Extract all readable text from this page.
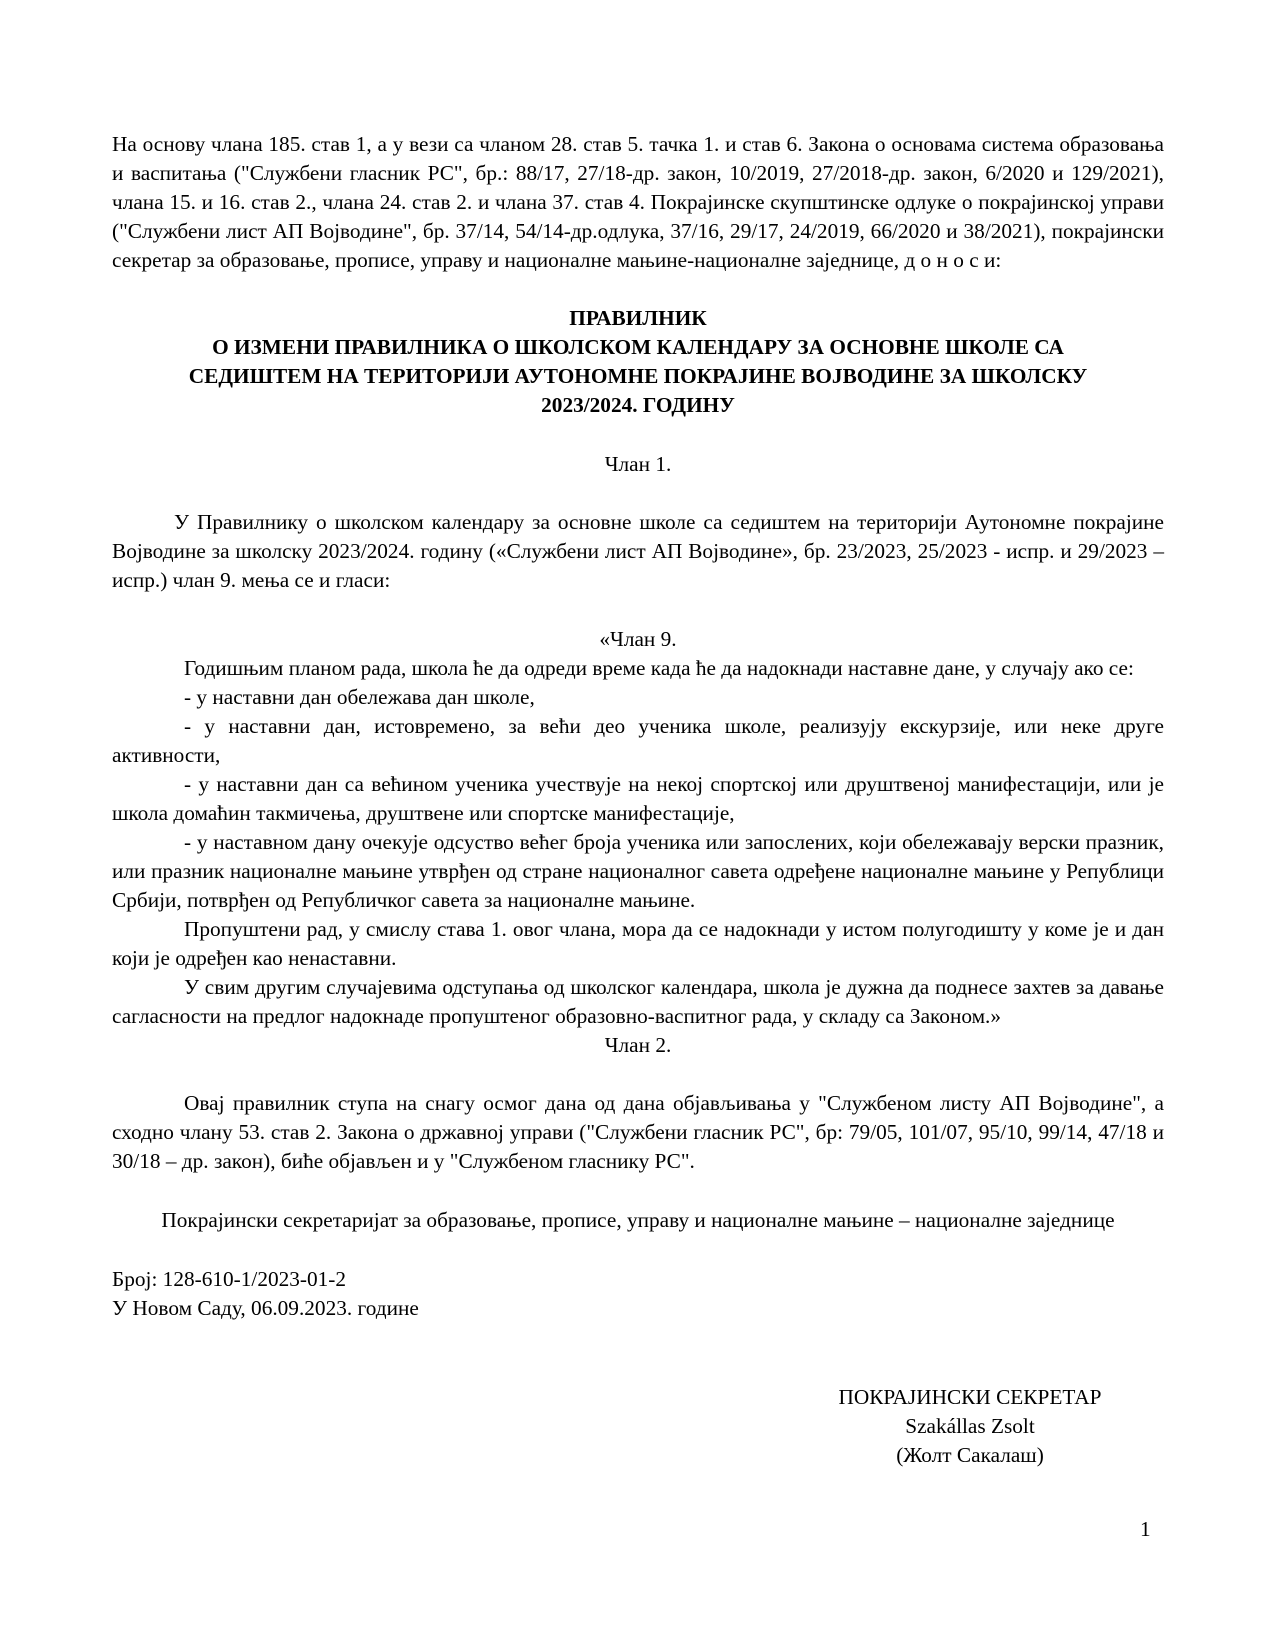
На основу члана 185. став 1, а у вези са чланом 28. став 5. тачка 1. и став 6. Закона о основама система образовања и васпитања ("Службени гласник РС", бр.: 88/17, 27/18-др. закон, 10/2019, 27/2018-др. закон, 6/2020 и 129/2021), члана 15. и 16. став 2., члана 24. став 2. и члана 37. став 4. Покрајинске скупштинске одлуке о покрајинској управи ("Службени лист АП Војводине", бр. 37/14, 54/14-др.одлука, 37/16, 29/17, 24/2019, 66/2020 и 38/2021), покрајински секретар за образовање, прописе, управу и националне мањине-националне заједнице, д о н о с и:

ПРАВИЛНИК
О ИЗМЕНИ ПРАВИЛНИКА О ШКОЛСКОМ КАЛЕНДАРУ ЗА ОСНОВНЕ ШКОЛЕ СА
СЕДИШТЕМ НА ТЕРИТОРИЈИ АУТОНОМНЕ ПОКРАЈИНЕ ВОЈВОДИНЕ ЗА ШКОЛСКУ
2023/2024. ГОДИНУ

Члан 1.

У Правилнику о школском календару за основне школе са седиштем на територији Аутономне покрајине Војводине за школску 2023/2024. годину («Службени лист АП Војводине», бр. 23/2023, 25/2023 - испр. и 29/2023 – испр.) члан 9. мења се и гласи:

«Члан 9.

Годишњим планом рада, школа ће да одреди време када ће да надокнади наставне дане, у случају ако се:

- у наставни дан обележава дан школе,

- у наставни дан, истовремено, за већи део ученика школе, реализују екскурзије, или неке друге активности,

- у наставни дан са већином ученика учествује на некој спортској или друштвеној манифестацији, или је школа домаћин такмичења, друштвене или спортске манифестације,

- у наставном дану очекује одсуство већег броја ученика или запослених, који обележавају верски празник, или празник националне мањине утврђен од стране националног савета одређене националне мањине у Републици Србији, потврђен од Републичког савета за националне мањине.

Пропуштени рад, у смислу става 1. овог члана, мора да се надокнади у истом полугодишту у коме је и дан који је одређен као ненаставни.

У свим другим случајевима одступања од школског календара, школа је дужна да поднесе захтев за давање сагласности на предлог надокнаде пропуштеног образовно-васпитног рада, у складу са Законом.»

Члан 2.

Овај правилник ступа на снагу осмог дана од дана објављивања у "Службеном листу АП Војводине", а сходно члану 53. став 2. Закона о државној управи ("Службени гласник РС", бр: 79/05, 101/07, 95/10, 99/14, 47/18 и 30/18 – др. закон), биће објављен и у "Службеном гласнику РС".

Покрајински секретаријат за образовање, прописе, управу и националне мањине – националне заједнице

Број: 128-610-1/2023-01-2

У Новом Саду, 06.09.2023. године

ПОКРАЈИНСКИ СЕКРЕТАР

Szakállas Zsolt

(Жолт Сакалаш)

1
